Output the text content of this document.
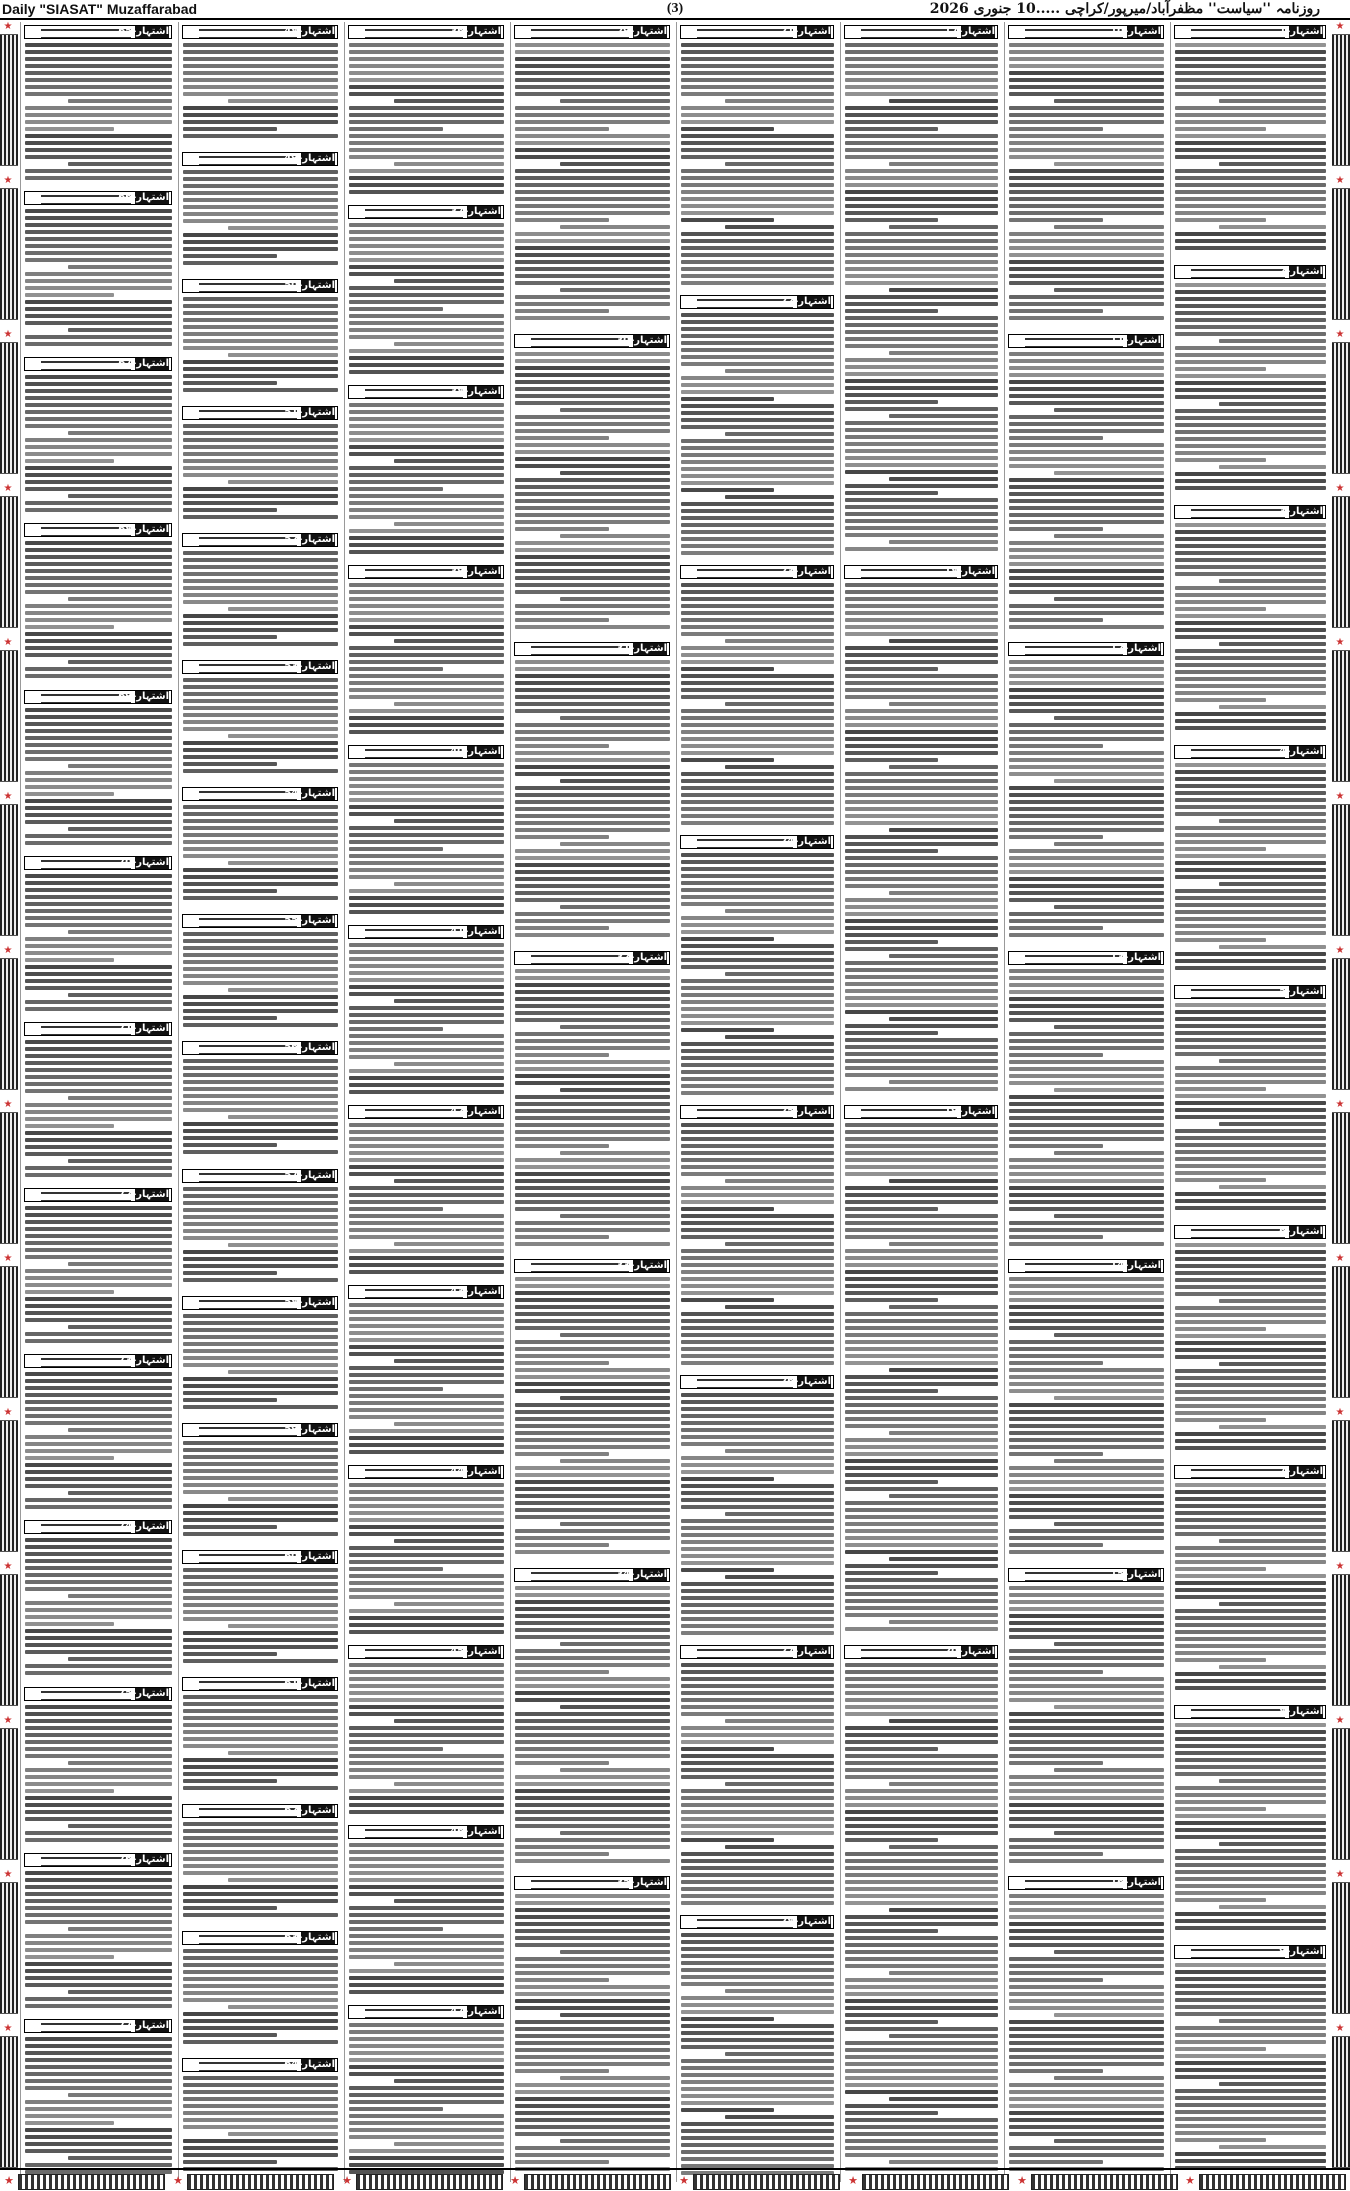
Daily "SIASAT" Muzaffarabad	(3)	روزنامہ ''سیاست'' مظفرآباد/میرپور/کراچی .....10 جنوری 2026
★
★
★
★
★
★
★
★
★
★
★
★
★
★
★
★
★
★
★
★
★
★
★
★
★
★
★
★
اشتہار-1
اشتہار-2
اشتہار-3
اشتہار-4
اشتہار-5
اشتہار-6
اشتہار-7
اشتہار-8
اشتہار-9
اشتہار-10
اشتہار-11
اشتہار-12
اشتہار-13
اشتہار-14
اشتہار-15
اشتہار-16
اشتہار-17
اشتہار-18
اشتہار-19
اشتہار-20
اشتہار-21
اشتہار-22
اشتہار-23
اشتہار-24
اشتہار-25
اشتہار-26
اشتہار-27
اشتہار-28
اشتہار-29
اشتہار-30
اشتہار-31
اشتہار-32
اشتہار-33
اشتہار-34
اشتہار-35
اشتہار-36
اشتہار-37
اشتہار-38
اشتہار-39
اشتہار-40
اشتہار-41
اشتہار-42
اشتہار-43
اشتہار-44
اشتہار-45
اشتہار-46
اشتہار-47
اشتہار-48
اشتہار-49
اشتہار-50
اشتہار-51
اشتہار-52
اشتہار-53
اشتہار-54
اشتہار-55
اشتہار-56
اشتہار-57
اشتہار-58
اشتہار-59
اشتہار-60
اشتہار-61
اشتہار-62
اشتہار-63
اشتہار-64
اشتہار-65
اشتہار-66
اشتہار-67
اشتہار-68
اشتہار-69
اشتہار-70
اشتہار-71
اشتہار-72
اشتہار-73
اشتہار-74
اشتہار-75
اشتہار-76
اشتہار-77
★	★	★	★	★	★	★	★
